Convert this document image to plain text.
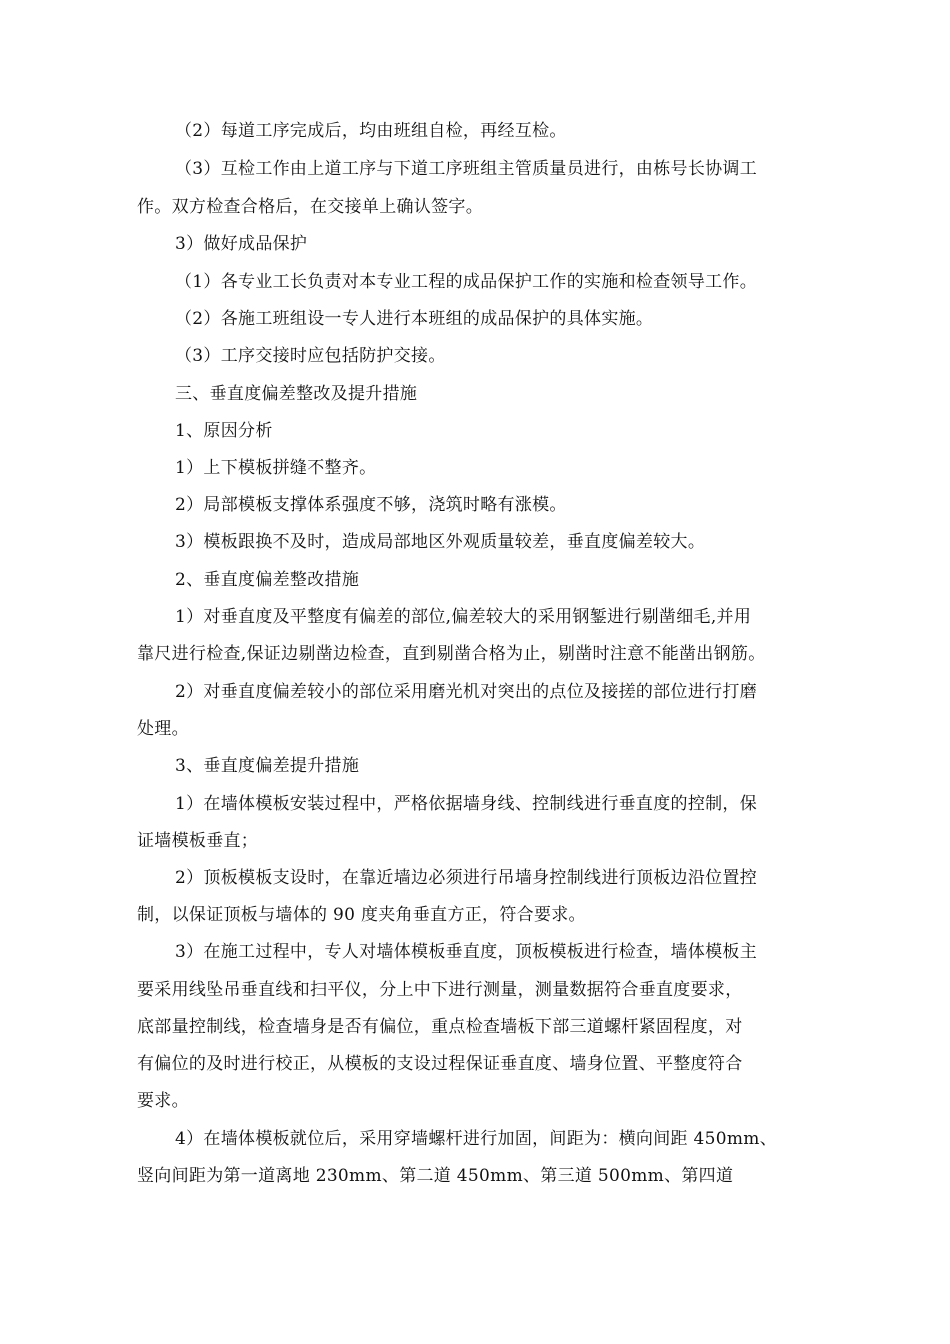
（2）每道工序完成后，均由班组自检，再经互检。
（3）互检工作由上道工序与下道工序班组主管质量员进行，由栋号长协调工
作。双方检查合格后，在交接单上确认签字。
3）做好成品保护
（1）各专业工长负责对本专业工程的成品保护工作的实施和检查领导工作。
（2）各施工班组设一专人进行本班组的成品保护的具体实施。
（3）工序交接时应包括防护交接。
三、垂直度偏差整改及提升措施
1、原因分析
1）上下模板拼缝不整齐。
2）局部模板支撑体系强度不够，浇筑时略有涨模。
3）模板跟换不及时，造成局部地区外观质量较差，垂直度偏差较大。
2、垂直度偏差整改措施
1）对垂直度及平整度有偏差的部位,偏差较大的采用钢錾进行剔凿细毛,并用
靠尺进行检查,保证边剔凿边检查，直到剔凿合格为止，剔凿时注意不能凿出钢筋。
2）对垂直度偏差较小的部位采用磨光机对突出的点位及接搓的部位进行打磨
处理。
3、垂直度偏差提升措施
1）在墙体模板安装过程中，严格依据墙身线、控制线进行垂直度的控制，保
证墙模板垂直；
2）顶板模板支设时，在靠近墙边必须进行吊墙身控制线进行顶板边沿位置控
制，以保证顶板与墙体的 90 度夹角垂直方正，符合要求。
3）在施工过程中，专人对墙体模板垂直度，顶板模板进行检查，墙体模板主
要采用线坠吊垂直线和扫平仪，分上中下进行测量，测量数据符合垂直度要求，
底部量控制线，检查墙身是否有偏位，重点检查墙板下部三道螺杆紧固程度，对
有偏位的及时进行校正，从模板的支设过程保证垂直度、墙身位置、平整度符合
要求。
4）在墙体模板就位后，采用穿墙螺杆进行加固，间距为：横向间距 450mm、
竖向间距为第一道离地 230mm、第二道 450mm、第三道 500mm、第四道
